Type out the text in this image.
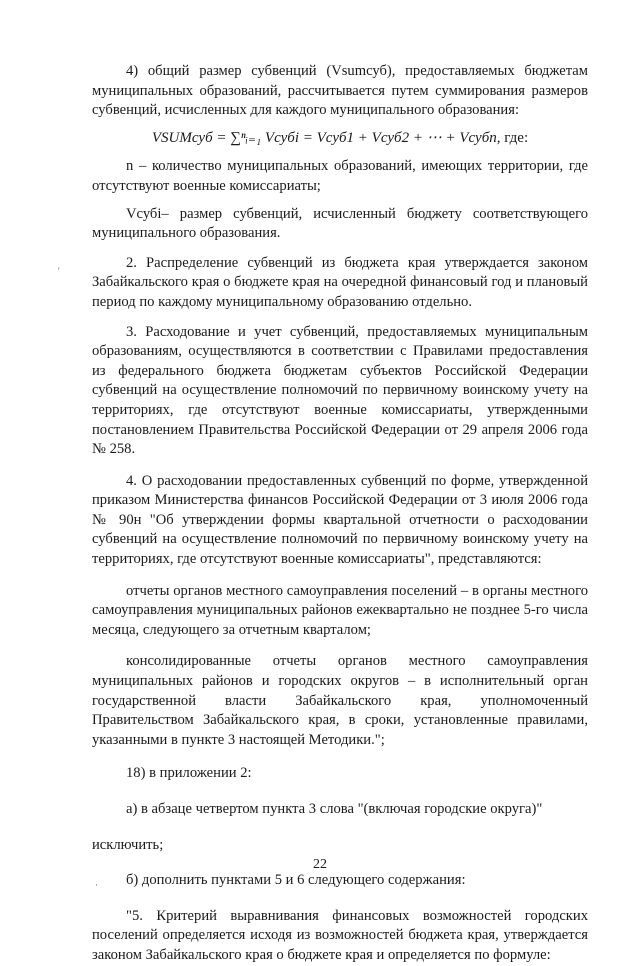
4) общий размер субвенций (Vsumсуб), предоставляемых бюджетам муниципальных образований, рассчитывается путем суммирования размеров субвенций, исчисленных для каждого муниципального образования:

VSUMсуб = ∑ⁿᵢ₌₁ Vсубi = Vсуб1 + Vсуб2 + ⋯ + Vсубn, где:

n – количество муниципальных образований, имеющих территории, где отсутствуют военные комиссариаты;

Vсубi– размер субвенций, исчисленный бюджету соответствующего муниципального образования.

2. Распределение субвенций из бюджета края утверждается законом Забайкальского края о бюджете края на очередной финансовый год и плановый период по каждому муниципальному образованию отдельно.

3. Расходование и учет субвенций, предоставляемых муниципальным образованиям, осуществляются в соответствии с Правилами предоставления из федерального бюджета бюджетам субъектов Российской Федерации субвенций на осуществление полномочий по первичному воинскому учету на территориях, где отсутствуют военные комиссариаты, утвержденными постановлением Правительства Российской Федерации от 29 апреля 2006 года № 258.

4. О расходовании предоставленных субвенций по форме, утвержденной приказом Министерства финансов Российской Федерации от 3 июля 2006 года № 90н "Об утверждении формы квартальной отчетности о расходовании субвенций на осуществление полномочий по первичному воинскому учету на территориях, где отсутствуют военные комиссариаты", представляются:

отчеты органов местного самоуправления поселений – в органы местного самоуправления муниципальных районов ежеквартально не позднее 5-го числа месяца, следующего за отчетным кварталом;

консолидированные отчеты органов местного самоуправления муниципальных районов и городских округов – в исполнительный орган государственной власти Забайкальского края, уполномоченный Правительством Забайкальского края, в сроки, установленные правилами, указанными в пункте 3 настоящей Методики.";

18) в приложении 2:

а) в абзаце четвертом пункта 3 слова "(включая городские округа)"

исключить;

б) дополнить пунктами 5 и 6 следующего содержания:

"5. Критерий выравнивания финансовых возможностей городских поселений определяется исходя из возможностей бюджета края, утверждается законом Забайкальского края о бюджете края и определяется по формуле:

'
22
·
